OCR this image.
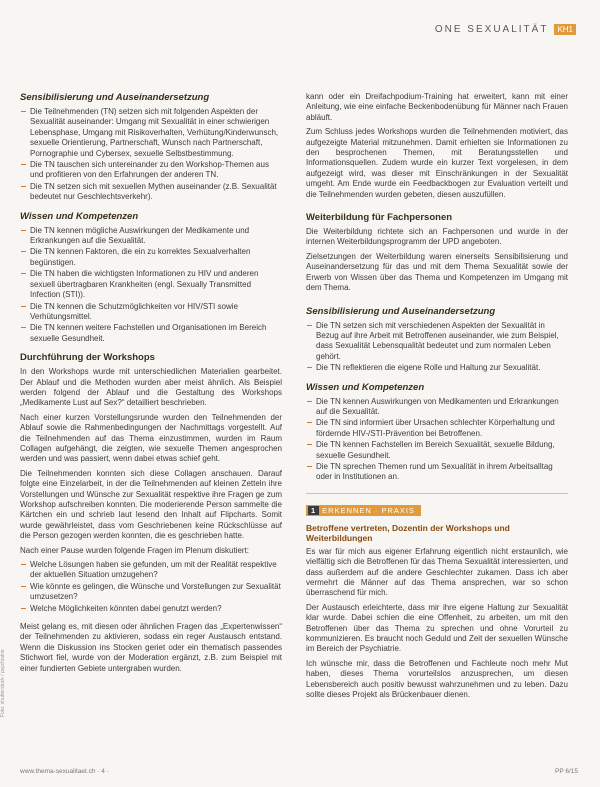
ONE SEXUALITÄT	KH1
Sensibilisierung und Auseinandersetzung
Die Teilnehmenden (TN) setzen sich mit folgenden Aspekten der Sexualität auseinander: Umgang mit Sexualität in einer schwierigen Lebensphase, Umgang mit Risikoverhalten, Verhütung/Kinderwunsch, sexuelle Orientierung, Partnerschaft, Wunsch nach Partnerschaft, Pornographie und Cybersex, sexuelle Selbstbestimmung.
Die TN tauschen sich untereinander zu den Workshop-Themen aus und profitieren von den Erfahrungen der anderen TN.
Die TN setzen sich mit sexuellen Mythen auseinander (z.B. Sexualität bedeutet nur Geschlechtsverkehr).
Wissen und Kompetenzen
Die TN kennen mögliche Auswirkungen der Medikamente und Erkrankungen auf die Sexualität.
Die TN kennen Faktoren, die ein zu korrektes Sexualverhalten begünstigen.
Die TN haben die wichtigsten Informationen zu HIV und anderen sexuell übertragbaren Krankheiten (engl. Sexually Transmitted Infection (STI)).
Die TN kennen die Schutzmöglichkeiten vor HIV/STI sowie Verhütungsmittel.
Die TN kennen weitere Fachstellen und Organisationen im Bereich sexuelle Gesundheit.
Durchführung der Workshops

In den Workshops wurde mit unterschiedlichen Materialien gearbeitet. Der Ablauf und die Methoden wurden aber meist ähnlich. Als Beispiel werden folgend der Ablauf und die Gestaltung des Workshops „Medikamente Lust auf Sex?“ detailliert beschrieben.

Nach einer kurzen Vorstellungsrunde wurden den Teilnehmenden der Ablauf sowie die Rahmenbedingungen der Nachmittags vorgestellt. Auf die Teilnehmenden auf das Thema einzustimmen, wurden im Raum Collagen aufgehängt, die zeigten, wie sexuelle Themen angesprochen werden und was passiert, wenn dabei etwas schief geht.

Die Teilnehmenden konnten sich diese Collagen anschauen. Darauf folgte eine Einzelarbeit, in der die Teilnehmenden auf kleinen Zetteln ihre Vorstellungen und Wünsche zur Sexualität respektive ihre Fragen ge zum Workshop aufschreiben konnten. Die moderierende Person sammelte die Kärtchen ein und schrieb laut lesend den Inhalt auf Flipcharts. Somit wurde gewährleistet, dass vom Geschriebenen keine Rückschlüsse auf die Person gezogen werden konnten, die es geschrieben hatte.

Nach einer Pause wurden folgende Fragen im Plenum diskutiert:

Welche Lösungen haben sie gefunden, um mit der Realität respektive der aktuellen Situation umzugehen?
Wie könnte es gelingen, die Wünsche und Vorstellungen zur Sexualität umzusetzen?
Welche Möglichkeiten könnten dabei genutzt werden?

Meist gelang es, mit diesen oder ähnlichen Fragen das „Expertenwissen“ der Teilnehmenden zu aktivieren, sodass ein reger Austausch entstand. Wenn die Diskussion ins Stocken geriet oder ein thematisch passendes Stichwort fiel, wurde von der Moderation ergänzt, z.B. zum Beispiel mit einer fundierten Gebiete untergraben wurden.

kann oder ein Dreifachpodium-Training hat erweitert, kann mit einer Anleitung, wie eine einfache Beckenbodenübung für Männer nach Frauen abläuft.

Zum Schluss jedes Workshops wurden die Teilnehmenden motiviert, das aufgezeigte Material mitzunehmen. Damit erhielten sie Informationen zu den besprochenen Themen, mit Beratungsstellen und Informationsquellen. Zudem wurde ein kurzer Text vorgelesen, in dem aufgezeigt wird, was dieser mit Einschränkungen in der Sexualität umgeht. Am Ende wurde ein Feedbackbogen zur Evaluation verteilt und die Teilnehmenden wurden gebeten, diesen auszufüllen.

Weiterbildung für Fachpersonen

Die Weiterbildung richtete sich an Fachpersonen und wurde in der internen Weiterbildungsprogramm der UPD angeboten.

Zielsetzungen der Weiterbildung waren einerseits Sensibilisierung und Auseinandersetzung für das und mit dem Thema Sexualität sowie der Erwerb von Wissen über das Thema und Kompetenzen im Umgang mit dem Thema.

Sensibilisierung und Auseinandersetzung
Die TN setzen sich mit verschiedenen Aspekten der Sexualität in Bezug auf ihre Arbeit mit Betroffenen auseinander, wie zum Beispiel, dass Sexualität Lebensqualität bedeutet und zum normalen Leben gehört.
Die TN reflektieren die eigene Rolle und Haltung zur Sexualität.
Wissen und Kompetenzen
Die TN kennen Auswirkungen von Medikamenten und Erkrankungen auf die Sexualität.
Die TN sind informiert über Ursachen schlechter Körperhaltung und fördernde HIV-/STI-Prävention bei Betroffenen.
Die TN kennen Fachstellen im Bereich Sexualität, sexuelle Bildung, sexuelle Gesundheit.
Die TN sprechen Themen rund um Sexualität in ihrem Arbeitsalltag oder in Institutionen an.
1 ERKENNEN · PRAXIS
Betroffene vertreten, Dozentin der Workshops und Weiterbildungen

Es war für mich aus eigener Erfahrung eigentlich nicht erstaunlich, wie vielfältig sich die Betroffenen für das Thema Sexualität interessierten, und dass außerdem auf die andere Geschlechter zukamen. Dass ich aber vermehrt die Männer auf das Thema ansprechen, war so schon überraschend für mich.

Der Austausch erleichterte, dass mir ihre eigene Haltung zur Sexualität klar wurde. Dabei schien die eine Offenheit, zu arbeiten, um mit den Betroffenen über das Thema zu sprechen und ohne Vorurteil zu kommunizieren. Es braucht noch Geduld und Zeit der sexuellen Wünsche im Bereich der Psychiatrie.

Ich wünsche mir, dass die Betroffenen und Fachleute noch mehr Mut haben, dieses Thema vorurteilslos anzusprechen, um diesen Lebensbereich auch positiv bewusst wahrzunehmen und zu leben. Dazu sollte dieses Projekt als Brückenbauer dienen.

Foto: shutterstock / psychiatrie
www.thema-sexualitaet.ch · 4 ·	PP 6/15
